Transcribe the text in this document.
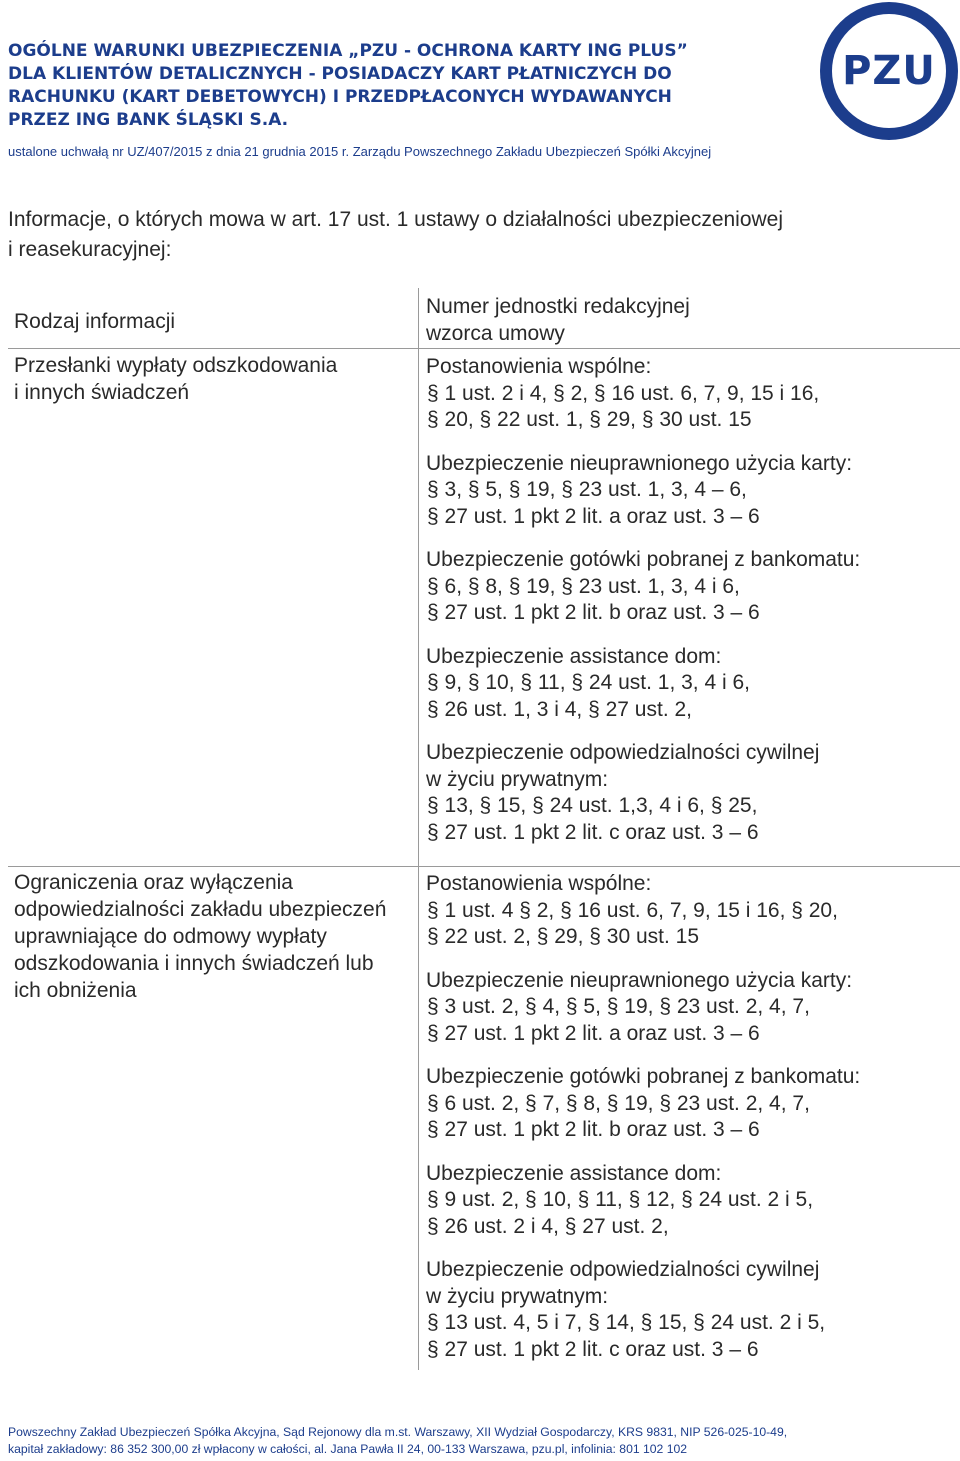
OGÓLNE WARUNKI UBEZPIECZENIA „PZU - OCHRONA KARTY ING PLUS”
DLA KLIENTÓW DETALICZNYCH - POSIADACZY KART PŁATNICZYCH DO
RACHUNKU (KART DEBETOWYCH) I PRZEDPŁACONYCH WYDAWANYCH
PRZEZ ING BANK ŚLĄSKI S.A.
ustalone uchwałą nr UZ/407/2015 z dnia 21 grudnia 2015 r. Zarządu Powszechnego Zakładu Ubezpieczeń Spółki Akcyjnej
PZU
Informacje, o których mowa w art. 17 ust. 1 ustawy o działalności ubezpieczeniowej
i reasekuracyjnej:
Rodzaj informacji
Numer jednostki redakcyjnej
wzorca umowy
Przesłanki wypłaty odszkodowania
i innych świadczeń
Postanowienia wspólne:
§ 1 ust. 2 i 4, § 2, § 16 ust. 6, 7, 9, 15 i 16,
§ 20, § 22 ust. 1, § 29, § 30 ust. 15
Ubezpieczenie nieuprawnionego użycia karty:
§ 3, § 5, § 19, § 23 ust. 1, 3, 4 – 6,
§ 27 ust. 1 pkt 2 lit. a oraz ust. 3 – 6
Ubezpieczenie gotówki pobranej z bankomatu:
§ 6, § 8, § 19, § 23 ust. 1, 3, 4 i 6,
§ 27 ust. 1 pkt 2 lit. b oraz ust. 3 – 6
Ubezpieczenie assistance dom:
§ 9, § 10, § 11, § 24 ust. 1, 3, 4 i 6,
§ 26 ust. 1, 3 i 4, § 27 ust. 2,
Ubezpieczenie odpowiedzialności cywilnej
w życiu prywatnym:
§ 13, § 15, § 24 ust. 1,3, 4 i 6, § 25,
§ 27 ust. 1 pkt 2 lit. c oraz ust. 3 – 6
Ograniczenia oraz wyłączenia
odpowiedzialności zakładu ubezpieczeń
uprawniające do odmowy wypłaty
odszkodowania i innych świadczeń lub
ich obniżenia
Postanowienia wspólne:
§ 1 ust. 4 § 2, § 16 ust. 6, 7, 9, 15 i 16, § 20,
§ 22 ust. 2, § 29, § 30 ust. 15
Ubezpieczenie nieuprawnionego użycia karty:
§ 3 ust. 2, § 4, § 5, § 19, § 23 ust. 2, 4, 7,
§ 27 ust. 1 pkt 2 lit. a oraz ust. 3 – 6
Ubezpieczenie gotówki pobranej z bankomatu:
§ 6 ust. 2, § 7, § 8, § 19, § 23 ust. 2, 4, 7,
§ 27 ust. 1 pkt 2 lit. b oraz ust. 3 – 6
Ubezpieczenie assistance dom:
§ 9 ust. 2, § 10, § 11, § 12, § 24 ust. 2 i 5,
§ 26 ust. 2 i 4, § 27 ust. 2,
Ubezpieczenie odpowiedzialności cywilnej
w życiu prywatnym:
§ 13 ust. 4, 5 i 7, § 14, § 15, § 24 ust. 2 i 5,
§ 27 ust. 1 pkt 2 lit. c oraz ust. 3 – 6
Powszechny Zakład Ubezpieczeń Spółka Akcyjna, Sąd Rejonowy dla m.st. Warszawy, XII Wydział Gospodarczy, KRS 9831, NIP 526-025-10-49,
kapitał zakładowy: 86 352 300,00 zł wpłacony w całości, al. Jana Pawła II 24, 00-133 Warszawa, pzu.pl, infolinia: 801 102 102
